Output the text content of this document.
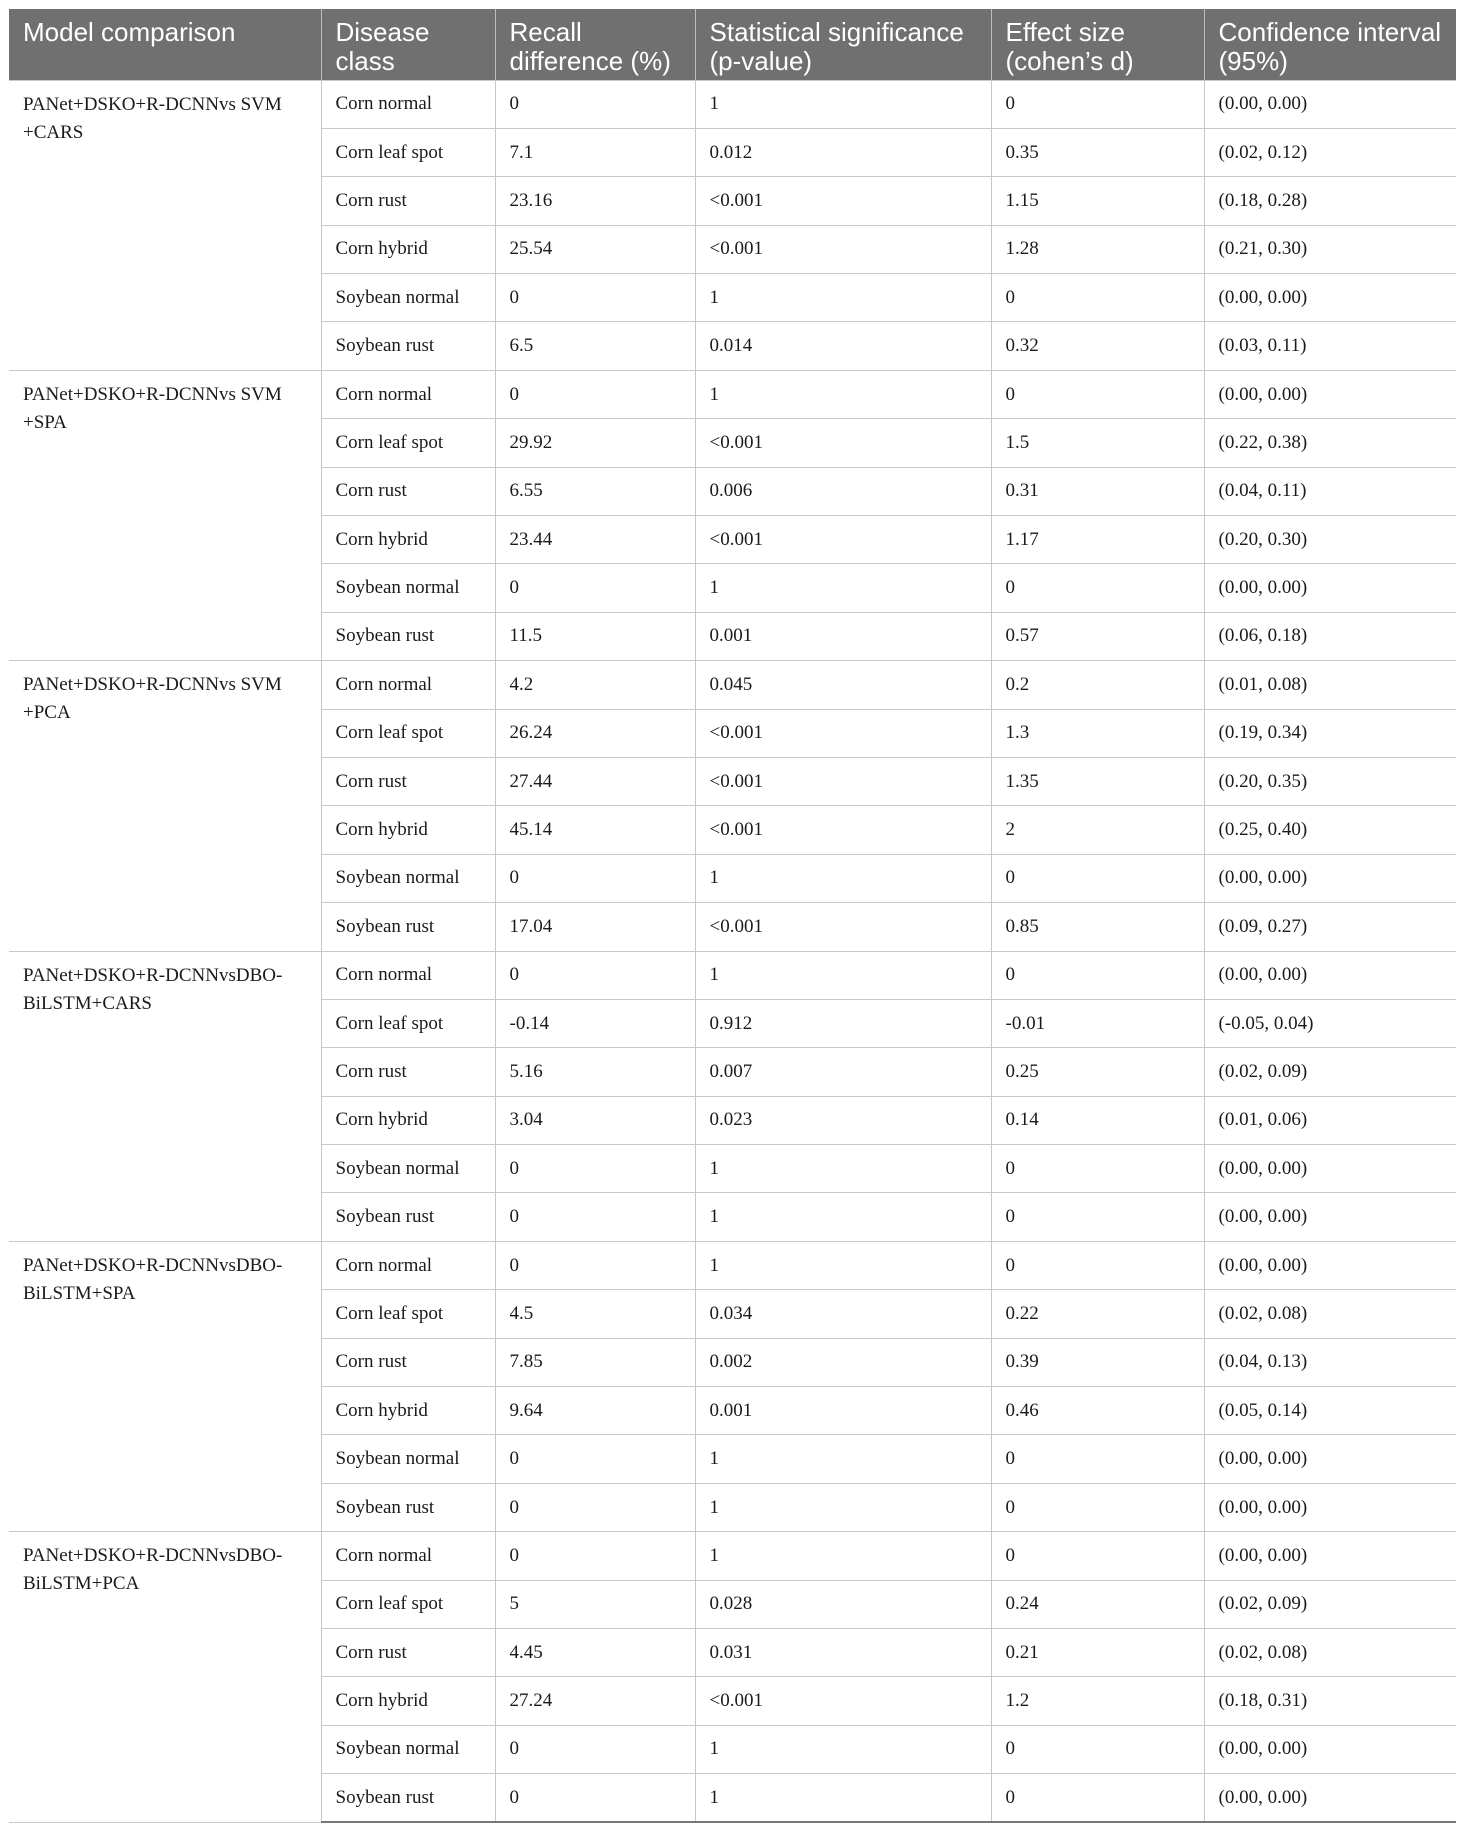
Model comparison	Disease class	Recall difference (%)	Statistical significance (p-value)	Effect size (cohen’s d)	Confidence interval (95%)
PANet+DSKO+R-DCNNvs SVM +CARS	Corn normal	0	1	0	(0.00, 0.00)
	Corn leaf spot	7.1	0.012	0.35	(0.02, 0.12)
	Corn rust	23.16	<0.001	1.15	(0.18, 0.28)
	Corn hybrid	25.54	<0.001	1.28	(0.21, 0.30)
	Soybean normal	0	1	0	(0.00, 0.00)
	Soybean rust	6.5	0.014	0.32	(0.03, 0.11)
PANet+DSKO+R-DCNNvs SVM +SPA	Corn normal	0	1	0	(0.00, 0.00)
	Corn leaf spot	29.92	<0.001	1.5	(0.22, 0.38)
	Corn rust	6.55	0.006	0.31	(0.04, 0.11)
	Corn hybrid	23.44	<0.001	1.17	(0.20, 0.30)
	Soybean normal	0	1	0	(0.00, 0.00)
	Soybean rust	11.5	0.001	0.57	(0.06, 0.18)
PANet+DSKO+R-DCNNvs SVM +PCA	Corn normal	4.2	0.045	0.2	(0.01, 0.08)
	Corn leaf spot	26.24	<0.001	1.3	(0.19, 0.34)
	Corn rust	27.44	<0.001	1.35	(0.20, 0.35)
	Corn hybrid	45.14	<0.001	2	(0.25, 0.40)
	Soybean normal	0	1	0	(0.00, 0.00)
	Soybean rust	17.04	<0.001	0.85	(0.09, 0.27)
PANet+DSKO+R-DCNNvsDBO-BiLSTM+CARS	Corn normal	0	1	0	(0.00, 0.00)
	Corn leaf spot	-0.14	0.912	-0.01	(-0.05, 0.04)
	Corn rust	5.16	0.007	0.25	(0.02, 0.09)
	Corn hybrid	3.04	0.023	0.14	(0.01, 0.06)
	Soybean normal	0	1	0	(0.00, 0.00)
	Soybean rust	0	1	0	(0.00, 0.00)
PANet+DSKO+R-DCNNvsDBO-BiLSTM+SPA	Corn normal	0	1	0	(0.00, 0.00)
	Corn leaf spot	4.5	0.034	0.22	(0.02, 0.08)
	Corn rust	7.85	0.002	0.39	(0.04, 0.13)
	Corn hybrid	9.64	0.001	0.46	(0.05, 0.14)
	Soybean normal	0	1	0	(0.00, 0.00)
	Soybean rust	0	1	0	(0.00, 0.00)
PANet+DSKO+R-DCNNvsDBO-BiLSTM+PCA	Corn normal	0	1	0	(0.00, 0.00)
	Corn leaf spot	5	0.028	0.24	(0.02, 0.09)
	Corn rust	4.45	0.031	0.21	(0.02, 0.08)
	Corn hybrid	27.24	<0.001	1.2	(0.18, 0.31)
	Soybean normal	0	1	0	(0.00, 0.00)
	Soybean rust	0	1	0	(0.00, 0.00)
